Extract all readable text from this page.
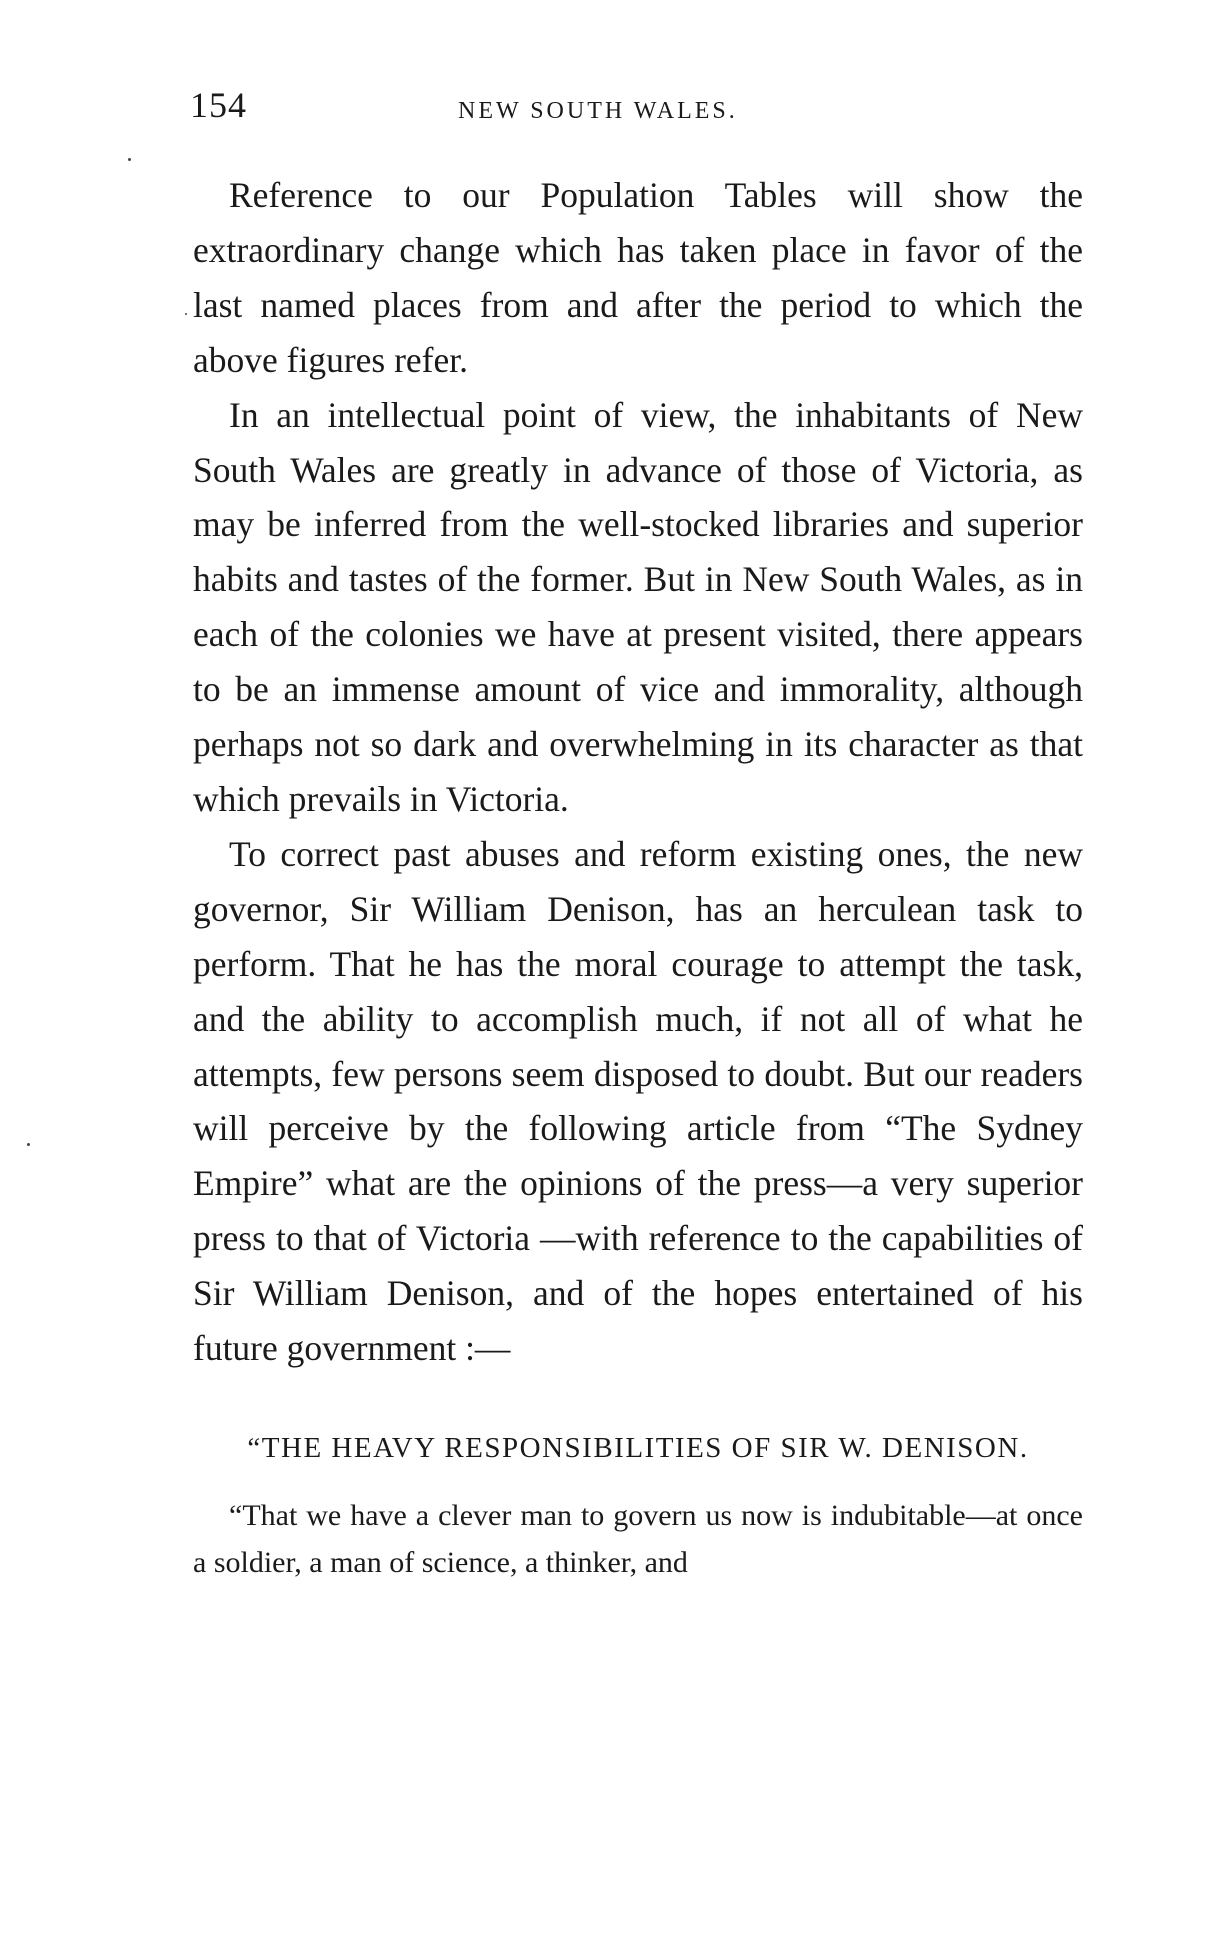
154	NEW SOUTH WALES.

Reference to our Population Tables will show the extraordinary change which has taken place in favor of the last named places from and after the period to which the above figures refer.

In an intellectual point of view, the inhabitants of New South Wales are greatly in advance of those of Victoria, as may be inferred from the well-stocked libraries and superior habits and tastes of the former. But in New South Wales, as in each of the colonies we have at present visited, there appears to be an immense amount of vice and immorality, although perhaps not so dark and overwhelming in its character as that which prevails in Victoria.

To correct past abuses and reform existing ones, the new governor, Sir William Denison, has an herculean task to perform. That he has the moral courage to attempt the task, and the ability to accomplish much, if not all of what he attempts, few persons seem disposed to doubt. But our readers will perceive by the following article from “The Sydney Empire” what are the opinions of the press—a very superior press to that of Victoria —with reference to the capabilities of Sir William Denison, and of the hopes entertained of his future government :—

“THE HEAVY RESPONSIBILITIES OF SIR W. DENISON.

“That we have a clever man to govern us now is indubitable—at once a soldier, a man of science, a thinker, and
